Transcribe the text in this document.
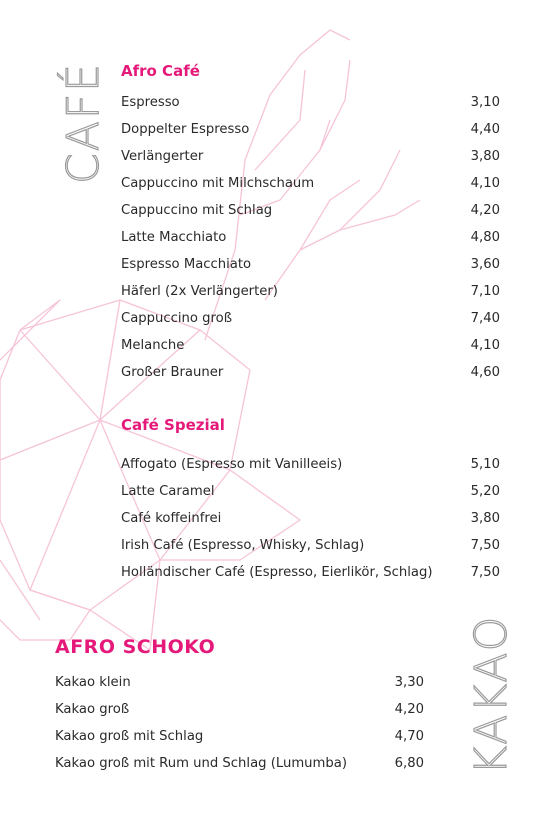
CAFÉ
KAKAO
Afro Café
Espresso	3,10
Doppelter Espresso	4,40
Verlängerter	3,80
Cappuccino mit Milchschaum	4,10
Cappuccino mit Schlag	4,20
Latte Macchiato	4,80
Espresso Macchiato	3,60
Häferl (2x Verlängerter)	7,10
Cappuccino groß	7,40
Melanche	4,10
Großer Brauner	4,60
Café Spezial
Affogato (Espresso mit Vanilleeis)	5,10
Latte Caramel	5,20
Café koffeinfrei	3,80
Irish Café (Espresso, Whisky, Schlag)	7,50
Holländischer Café (Espresso, Eierlikör, Schlag)	7,50
AFRO SCHOKO
Kakao klein	3,30
Kakao groß	4,20
Kakao groß mit Schlag	4,70
Kakao groß mit Rum und Schlag (Lumumba)	6,80
